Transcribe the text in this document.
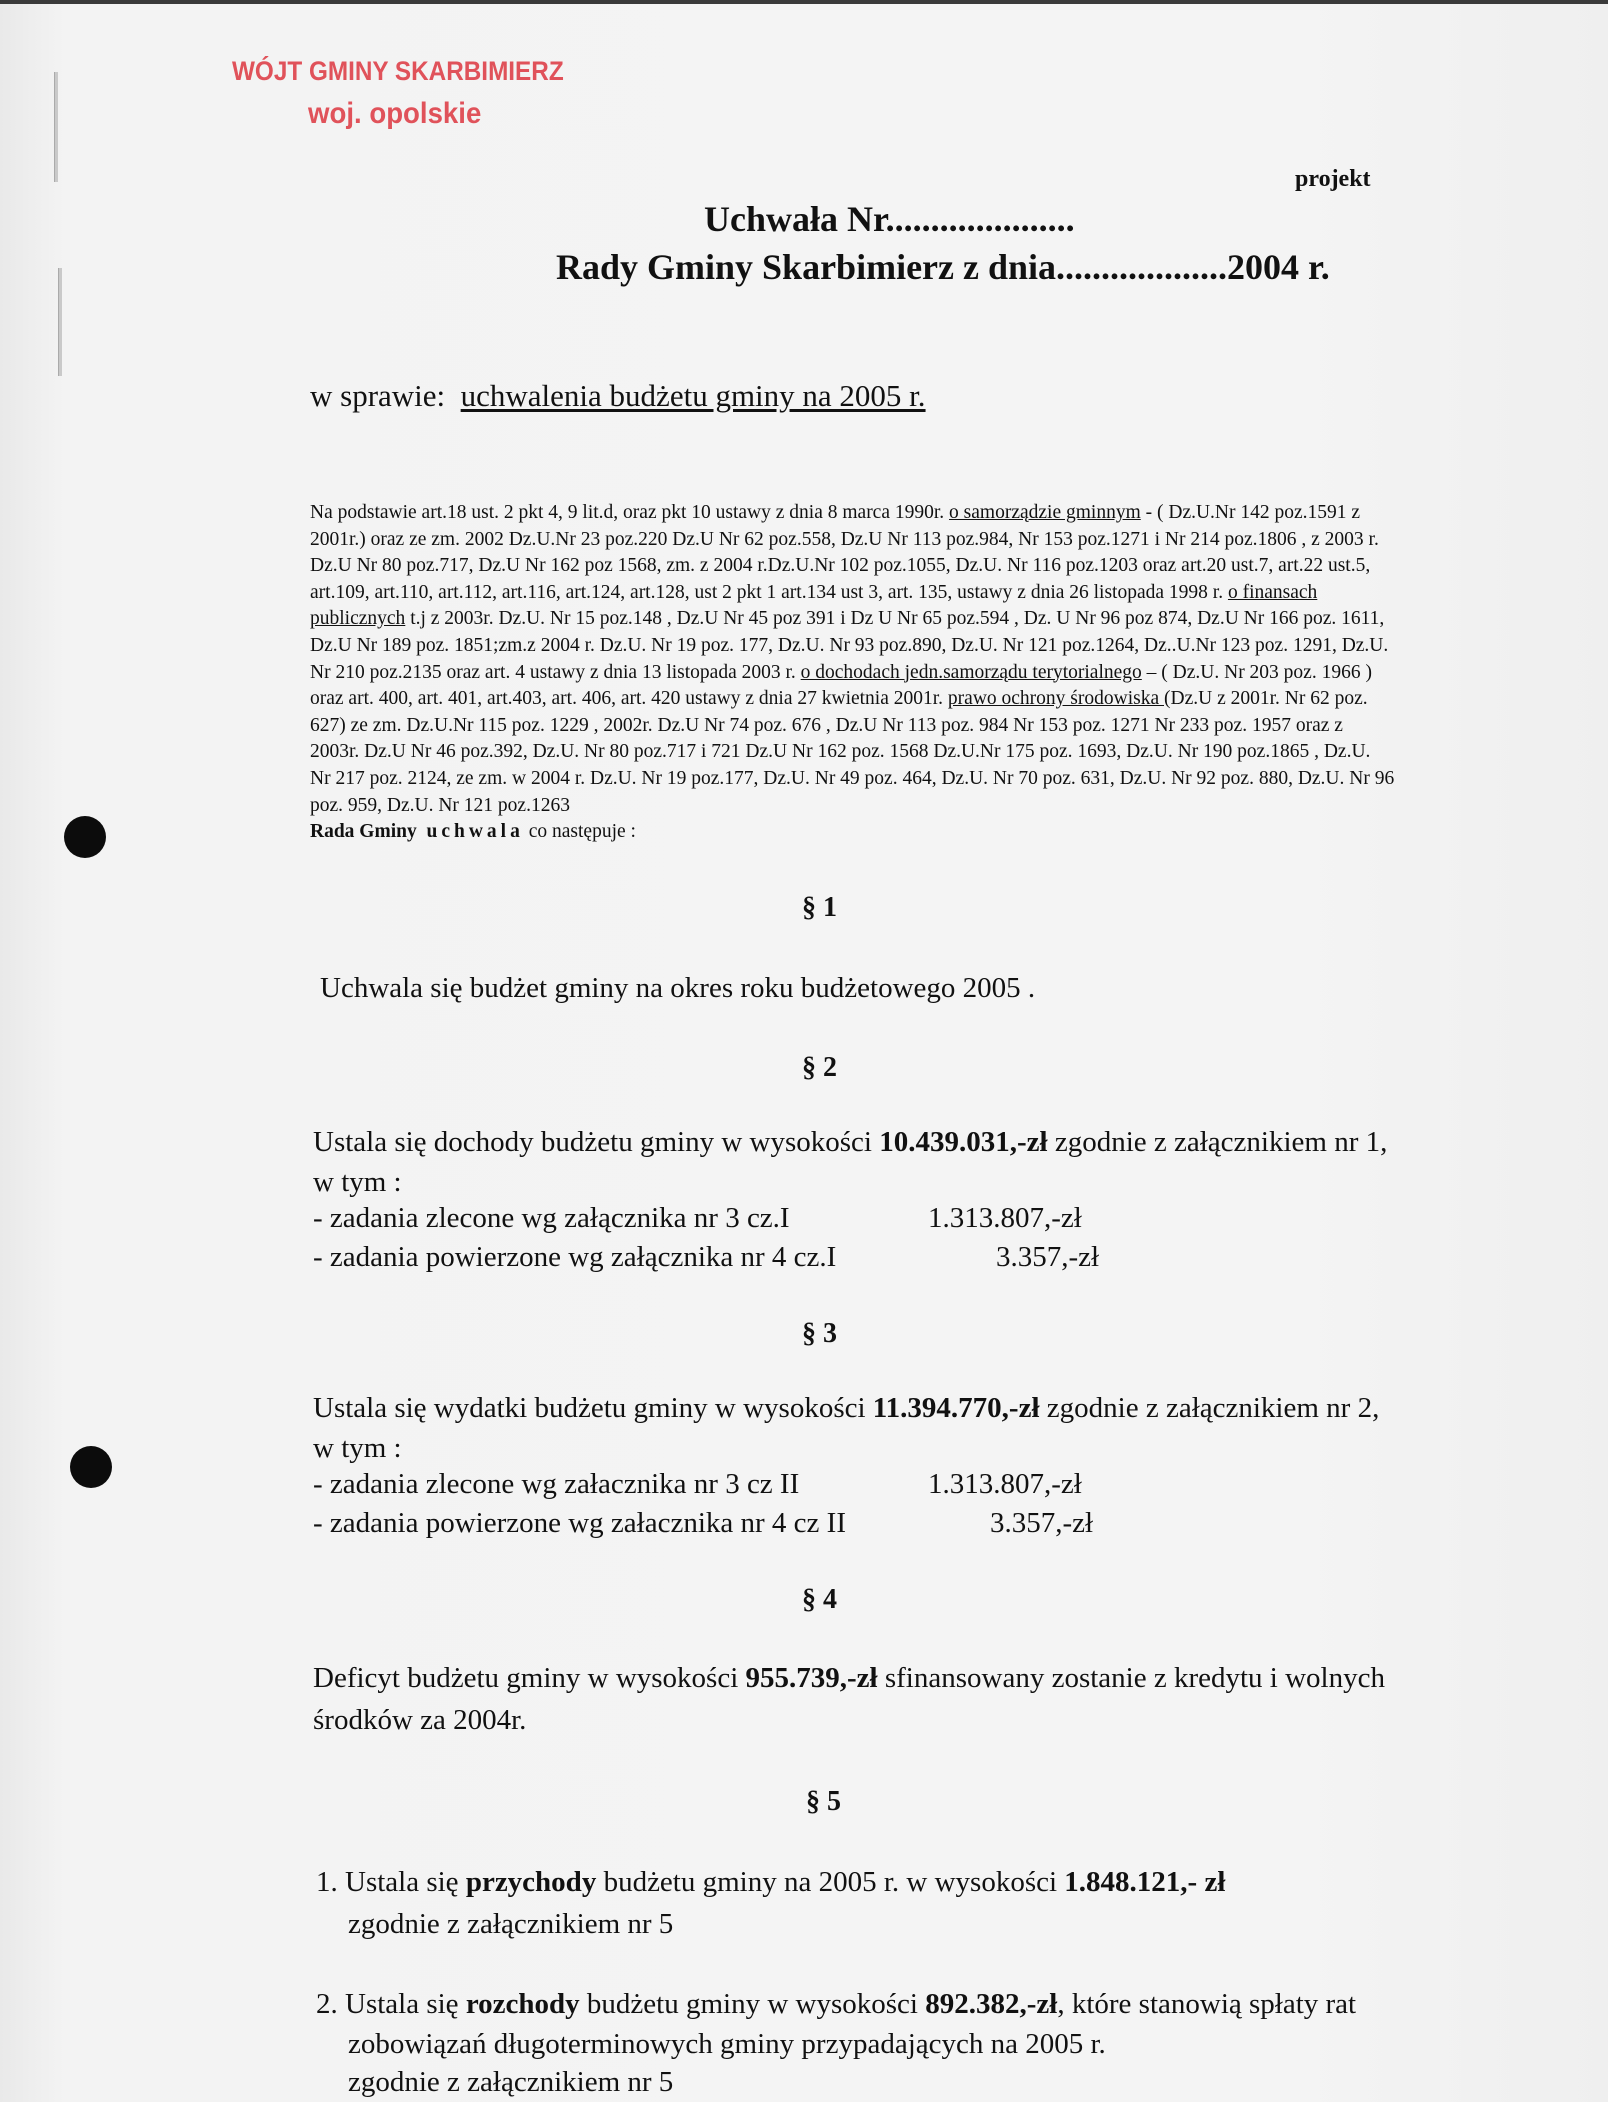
WÓJT GMINY SKARBIMIERZ
woj. opolskie
projekt
Uchwała Nr.....................
Rady Gminy Skarbimierz z dnia...................2004 r.
w sprawie: uchwalenia budżetu gminy na 2005 r.
Na podstawie art.18 ust. 2 pkt 4, 9 lit.d, oraz pkt 10 ustawy z dnia 8 marca 1990r. o samorządzie gminnym - ( Dz.U.Nr 142 poz.1591 z
2001r.) oraz ze zm. 2002 Dz.U.Nr 23 poz.220 Dz.U Nr 62 poz.558, Dz.U Nr 113 poz.984, Nr 153 poz.1271 i Nr 214 poz.1806 , z 2003 r.
Dz.U Nr 80 poz.717, Dz.U Nr 162 poz 1568, zm. z 2004 r.Dz.U.Nr 102 poz.1055, Dz.U. Nr 116 poz.1203 oraz art.20 ust.7, art.22 ust.5,
art.109, art.110, art.112, art.116, art.124, art.128, ust 2 pkt 1 art.134 ust 3, art. 135, ustawy z dnia 26 listopada 1998 r. o finansach
publicznych t.j z 2003r. Dz.U. Nr 15 poz.148 , Dz.U Nr 45 poz 391 i Dz U Nr 65 poz.594 , Dz. U Nr 96 poz 874, Dz.U Nr 166 poz. 1611,
Dz.U Nr 189 poz. 1851;zm.z 2004 r. Dz.U. Nr 19 poz. 177, Dz.U. Nr 93 poz.890, Dz.U. Nr 121 poz.1264, Dz..U.Nr 123 poz. 1291, Dz.U.
Nr 210 poz.2135 oraz art. 4 ustawy z dnia 13 listopada 2003 r. o dochodach jedn.samorządu terytorialnego – ( Dz.U. Nr 203 poz. 1966 )
oraz art. 400, art. 401, art.403, art. 406, art. 420 ustawy z dnia 27 kwietnia 2001r. prawo ochrony środowiska (Dz.U z 2001r. Nr 62 poz.
627) ze zm. Dz.U.Nr 115 poz. 1229 , 2002r. Dz.U Nr 74 poz. 676 , Dz.U Nr 113 poz. 984 Nr 153 poz. 1271 Nr 233 poz. 1957 oraz z
2003r. Dz.U Nr 46 poz.392, Dz.U. Nr 80 poz.717 i 721 Dz.U Nr 162 poz. 1568 Dz.U.Nr 175 poz. 1693, Dz.U. Nr 190 poz.1865 , Dz.U.
Nr 217 poz. 2124, ze zm. w 2004 r. Dz.U. Nr 19 poz.177, Dz.U. Nr 49 poz. 464, Dz.U. Nr 70 poz. 631, Dz.U. Nr 92 poz. 880, Dz.U. Nr 96
poz. 959, Dz.U. Nr 121 poz.1263
Rada Gminy uchwala co następuje :
§ 1
Uchwala się budżet gminy na okres roku budżetowego 2005 .
§ 2
Ustala się dochody budżetu gminy w wysokości 10.439.031,-zł zgodnie z załącznikiem nr 1,
w tym :
- zadania zlecone wg załącznika nr 3 cz.I	1.313.807,-zł
- zadania powierzone wg załącznika nr 4 cz.I	3.357,-zł
§ 3
Ustala się wydatki budżetu gminy w wysokości 11.394.770,-zł zgodnie z załącznikiem nr 2,
w tym :
- zadania zlecone wg załacznika nr 3 cz II	1.313.807,-zł
- zadania powierzone wg załacznika nr 4 cz II	3.357,-zł
§ 4
Deficyt budżetu gminy w wysokości 955.739,-zł sfinansowany zostanie z kredytu i wolnych
środków za 2004r.
§ 5
1. Ustala się przychody budżetu gminy na 2005 r. w wysokości 1.848.121,- zł
zgodnie z załącznikiem nr 5
2. Ustala się rozchody budżetu gminy w wysokości 892.382,-zł, które stanowią spłaty rat
zobowiązań długoterminowych gminy przypadających na 2005 r.
zgodnie z załącznikiem nr 5
